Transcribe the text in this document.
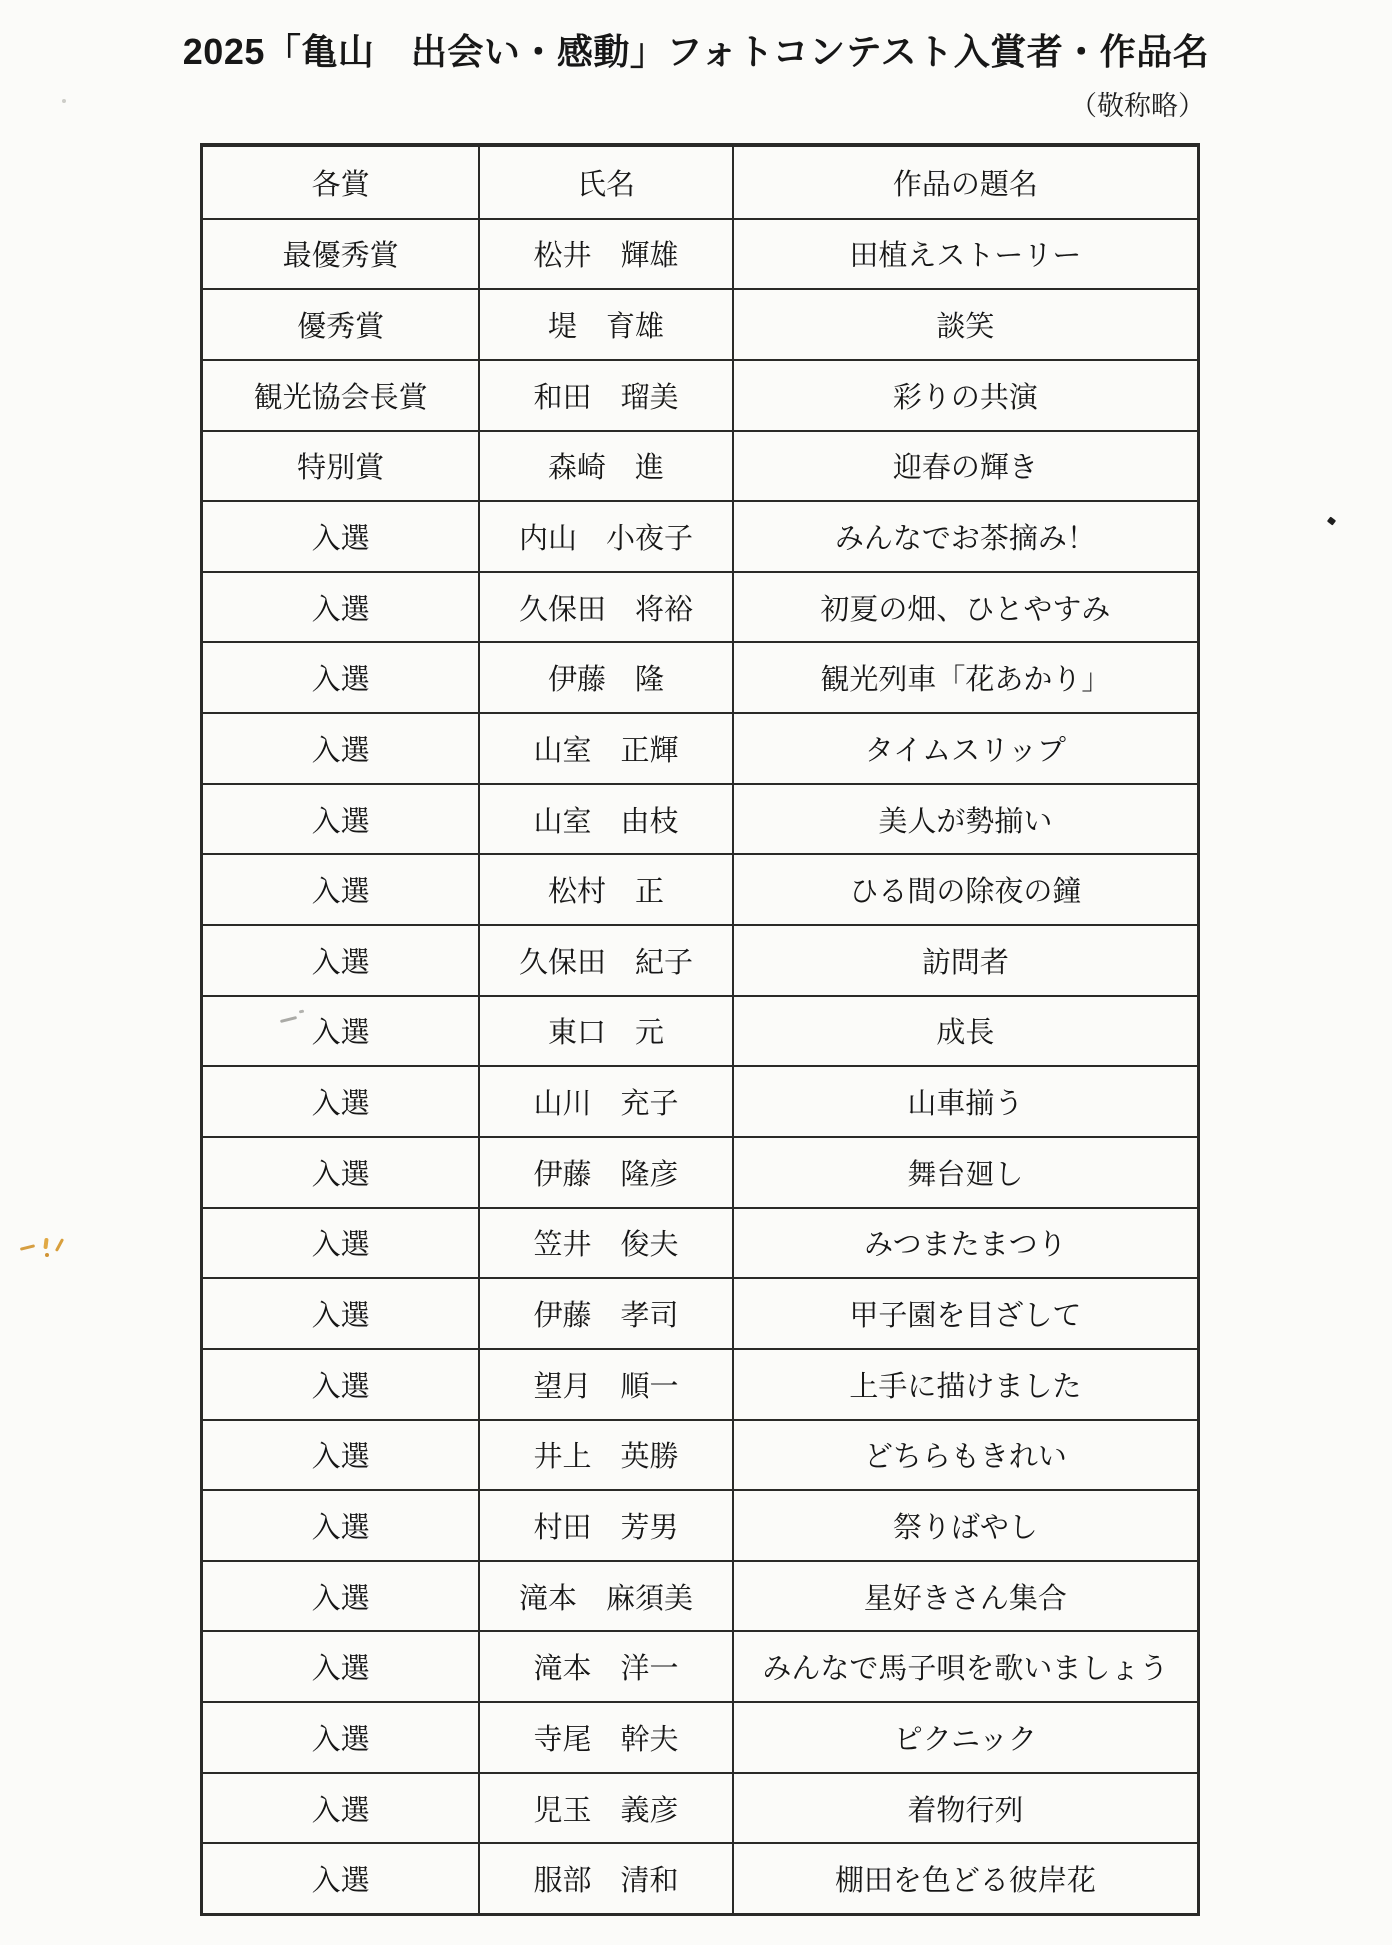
2025「亀山　出会い・感動」フォトコンテスト入賞者・作品名
（敬称略）
各賞	氏名	作品の題名
最優秀賞	松井　輝雄	田植えストーリー
優秀賞	堤　育雄	談笑
観光協会長賞	和田　瑠美	彩りの共演
特別賞	森崎　進	迎春の輝き
入選	内山　小夜子	みんなでお茶摘み！
入選	久保田　将裕	初夏の畑、ひとやすみ
入選	伊藤　隆	観光列車「花あかり」
入選	山室　正輝	タイムスリップ
入選	山室　由枝	美人が勢揃い
入選	松村　正	ひる間の除夜の鐘
入選	久保田　紀子	訪問者
入選	東口　元	成長
入選	山川　充子	山車揃う
入選	伊藤　隆彦	舞台廻し
入選	笠井　俊夫	みつまたまつり
入選	伊藤　孝司	甲子園を目ざして
入選	望月　順一	上手に描けました
入選	井上　英勝	どちらもきれい
入選	村田　芳男	祭りばやし
入選	滝本　麻須美	星好きさん集合
入選	滝本　洋一	みんなで馬子唄を歌いましょう
入選	寺尾　幹夫	ピクニック
入選	児玉　義彦	着物行列
入選	服部　清和	棚田を色どる彼岸花
